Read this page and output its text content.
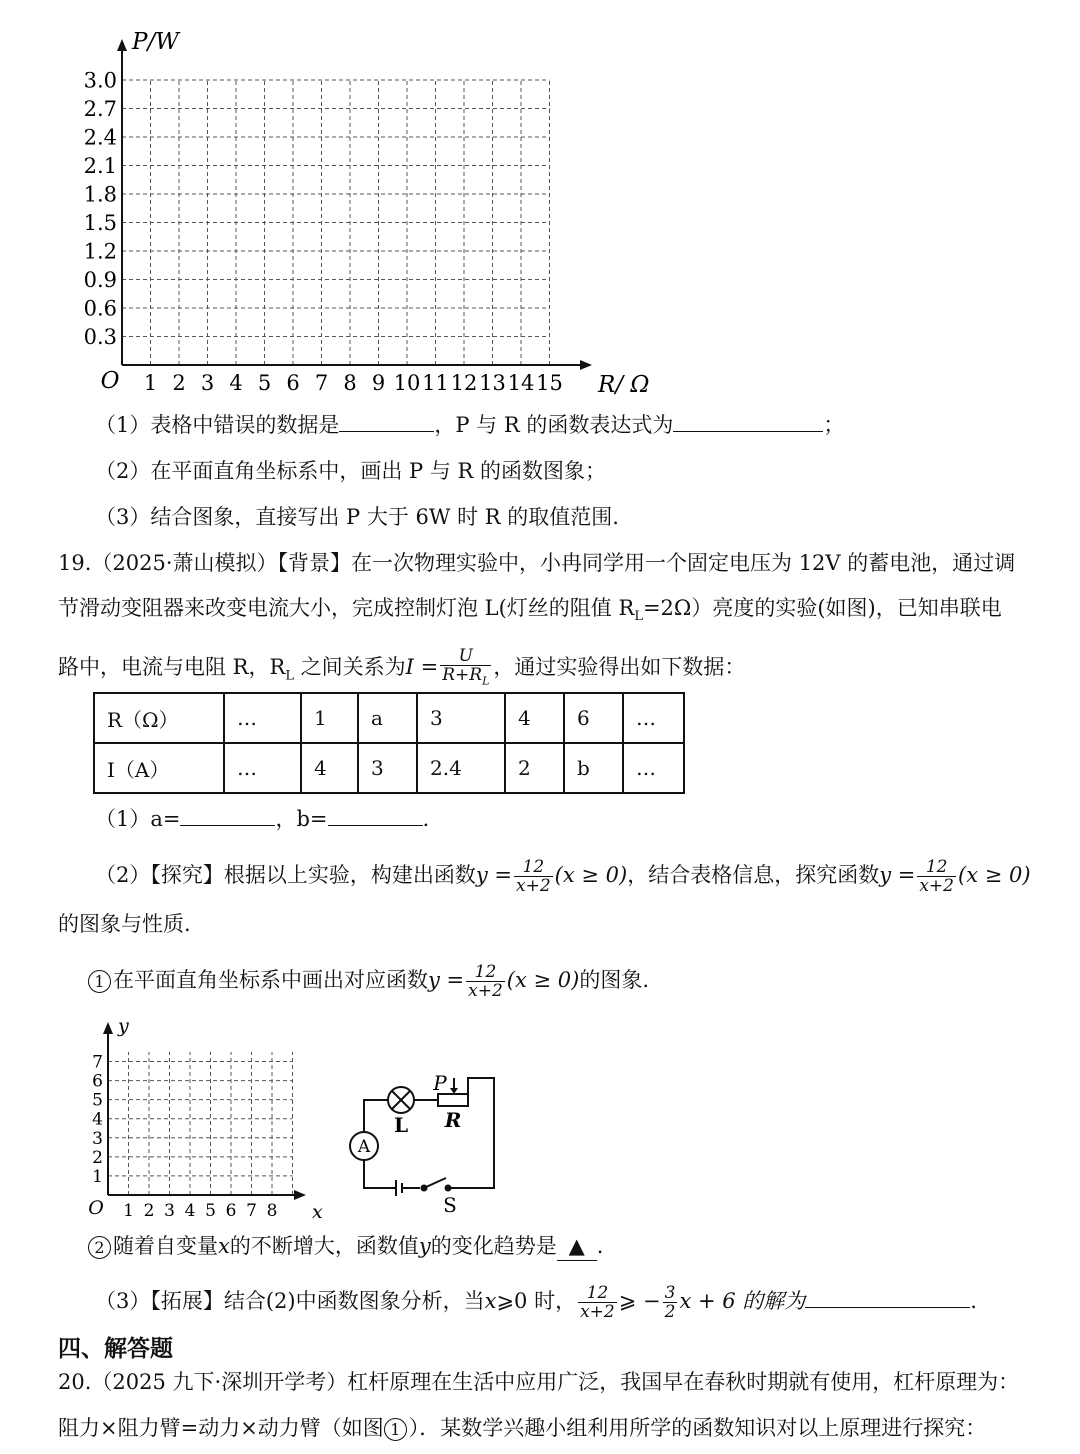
0.3
0.6
0.9
1.2
1.5
1.8
2.1
2.4
2.7
3.0
1 2 3 4 5 6 7 8 9 10 11 12 13 14 15
O
P/W
R/ Ω
（1）表格中错误的数据是	，P 与 R 的函数表达式为	；
（2）在平面直角坐标系中，画出 P 与 R 的函数图象；
（3）结合图象，直接写出 P 大于 6W 时 R 的取值范围.
19.（2025·萧山模拟）【背景】在一次物理实验中，小冉同学用一个固定电压为 12V 的蓄电池，通过调
节滑动变阻器来改变电流大小，完成控制灯泡 L(灯丝的阻值 $R_L=2\Omega$）亮度的实验(如图)，已知串联电
路中，电流与电阻 R，$R_L$ 之间关系为$I = \frac{U}{R+R_L}$ ，通过实验得出如下数据：
R（Ω）	…	1	a	3	4	6	…
I（A）	…	4	3	2.4	2	b	…
（1）a=	，b=	.
（2）【探究】根据以上实验，构建出函数$y = \frac{12}{x+2} (x \ge 0)$，结合表格信息，探究函数$y = \frac{12}{x+2} (x \ge 0)$
的图象与性质.
1 在平面直角坐标系中画出对应函数$y = \frac{12}{x+2} (x \ge 0)$的图象.
1
2
3
4
5
6
7
1 2 3 4 5 6 7 8
O
y
x
A
L
P
R
S
2 随着自变量x的不断增大，函数值y的变化趋势是 ▲ .
（3）【拓展】结合(2)中函数图象分析，当x⩾0 时， $\frac{12}{x+2}$ ⩾ − $\frac{3}{2}$ x + 6 的解为	.
四、解答题
20.（2025 九下·深圳开学考）杠杆原理在生活中应用广泛，我国早在春秋时期就有使用，杠杆原理为：
阻力×阻力臂=动力×动力臂（如图 1 ）．某数学兴趣小组利用所学的函数知识对以上原理进行探究：
